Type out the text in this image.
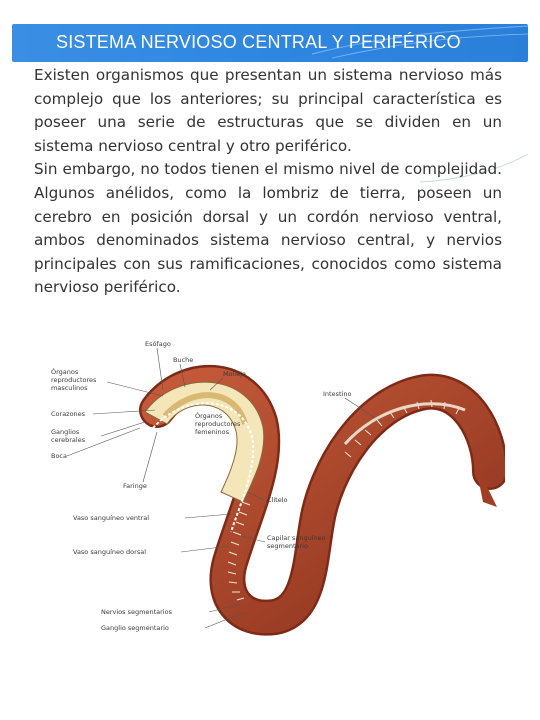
SISTEMA NERVIOSO CENTRAL Y PERIFÉRICO

Existen organismos que presentan un sistema nervioso más complejo que los anteriores; su principal característica es poseer una serie de estructuras que se dividen en un sistema nervioso central y otro periférico.

Sin embargo, no todos tienen el mismo nivel de complejidad. Algunos anélidos, como la lombriz de tierra, poseen un cerebro en posición dorsal y un cordón nervioso ventral, ambos denominados sistema nervioso central, y nervios principales con sus ramificaciones, conocidos como sistema nervioso periférico.

Esófago
Buche
Molleja
Órganos
reproductores
masculinos
Corazones
Ganglios
cerebrales
Boca
Órganos
reproductores
femeninos
Intestino
Faringe
Clitelo
Vaso sanguíneo ventral
Vaso sanguíneo dorsal
Capilar sanguíneo
segmentario
Nervios segmentarios
Ganglio segmentario
